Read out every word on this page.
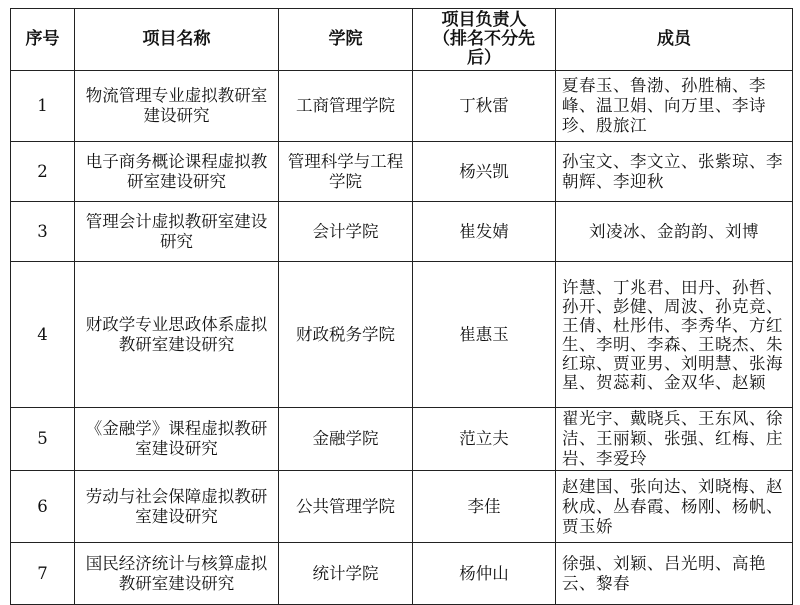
序号	项目名称	学院	项目负责人（排名不分先后）	成员
1	物流管理专业虚拟教研室建设研究	工商管理学院	丁秋雷	夏春玉、鲁渤、孙胜楠、李峰、温卫娟、向万里、李诗珍、殷旅江
2	电子商务概论课程虚拟教研室建设研究	管理科学与工程学院	杨兴凯	孙宝文、李文立、张紫琼、李朝辉、李迎秋
3	管理会计虚拟教研室建设研究	会计学院	崔发婧	刘凌冰、金韵韵、刘博
4	财政学专业思政体系虚拟教研室建设研究	财政税务学院	崔惠玉	许慧、丁兆君、田丹、孙哲、孙开、彭健、周波、孙克竞、王倩、杜彤伟、李秀华、方红生、李明、李森、王晓杰、朱红琼、贾亚男、刘明慧、张海星、贺蕊莉、金双华、赵颖
5	《金融学》课程虚拟教研室建设研究	金融学院	范立夫	翟光宇、戴晓兵、王东风、徐洁、王丽颖、张强、红梅、庄岩、李爱玲
6	劳动与社会保障虚拟教研室建设研究	公共管理学院	李佳	赵建国、张向达、刘晓梅、赵秋成、丛春霞、杨刚、杨帆、贾玉娇
7	国民经济统计与核算虚拟教研室建设研究	统计学院	杨仲山	徐强、刘颖、吕光明、高艳云、黎春
